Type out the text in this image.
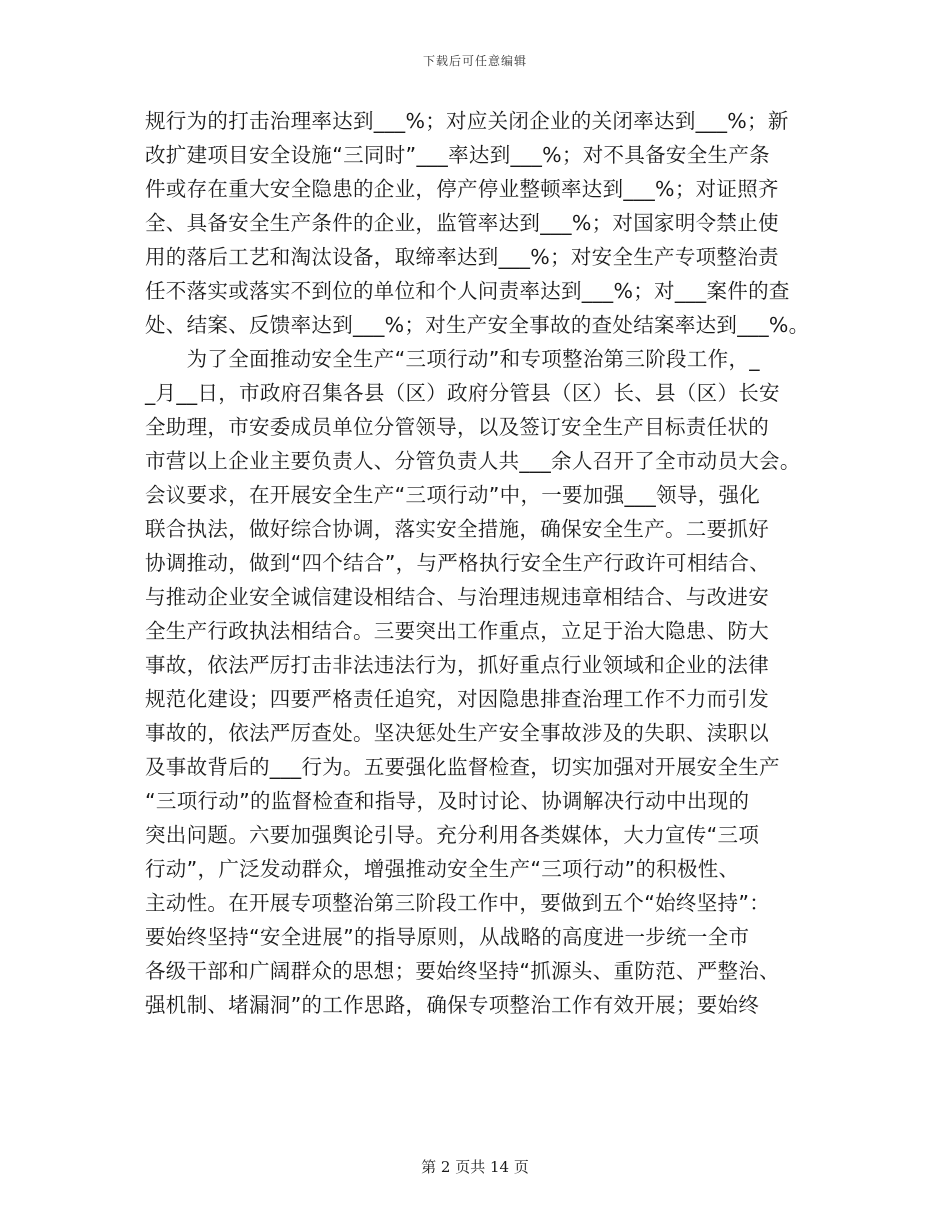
下载后可任意编辑
规行为的打击治理率达到___%；对应关闭企业的关闭率达到___%；新
改扩建项目安全设施“三同时”___率达到___%；对不具备安全生产条
件或存在重大安全隐患的企业，停产停业整顿率达到___%；对证照齐
全、具备安全生产条件的企业，监管率达到___%；对国家明令禁止使
用的落后工艺和淘汰设备，取缔率达到___%；对安全生产专项整治责
任不落实或落实不到位的单位和个人问责率达到___%；对___案件的查
处、结案、反馈率达到___%；对生产安全事故的查处结案率达到___%。
　　为了全面推动安全生产“三项行动”和专项整治第三阶段工作，_
_月__日，市政府召集各县（区）政府分管县（区）长、县（区）长安
全助理，市安委成员单位分管领导，以及签订安全生产目标责任状的
市营以上企业主要负责人、分管负责人共___余人召开了全市动员大会。
会议要求，在开展安全生产“三项行动”中，一要加强___领导，强化
联合执法，做好综合协调，落实安全措施，确保安全生产。二要抓好
协调推动，做到“四个结合”，与严格执行安全生产行政许可相结合、
与推动企业安全诚信建设相结合、与治理违规违章相结合、与改进安
全生产行政执法相结合。三要突出工作重点，立足于治大隐患、防大
事故，依法严厉打击非法违法行为，抓好重点行业领域和企业的法律
规范化建设；四要严格责任追究，对因隐患排查治理工作不力而引发
事故的，依法严厉查处。坚决惩处生产安全事故涉及的失职、渎职以
及事故背后的___行为。五要强化监督检查，切实加强对开展安全生产
“三项行动”的监督检查和指导，及时讨论、协调解决行动中出现的
突出问题。六要加强舆论引导。充分利用各类媒体，大力宣传“三项
行动”，广泛发动群众，增强推动安全生产“三项行动”的积极性、
主动性。在开展专项整治第三阶段工作中，要做到五个“始终坚持”：
要始终坚持“安全进展”的指导原则，从战略的高度进一步统一全市
各级干部和广阔群众的思想；要始终坚持“抓源头、重防范、严整治、
强机制、堵漏洞”的工作思路，确保专项整治工作有效开展；要始终
第 2 页共 14 页
